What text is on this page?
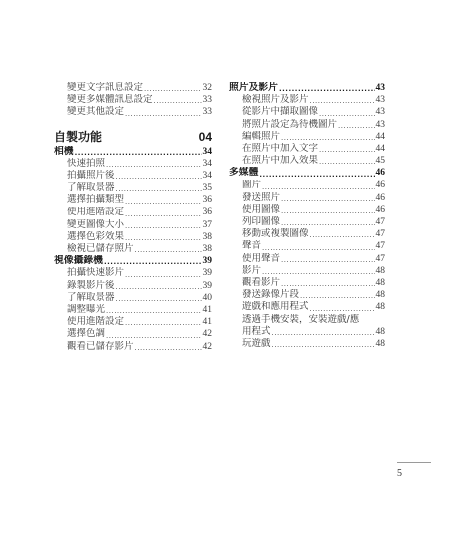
變更文字訊息設定 .....	32
變更多媒體訊息設定 .....	33
變更其他設定 .....	33
自製功能	04
相機 .....	34
快速拍照 .....	34
拍攝照片後 .....	34
了解取景器 .....	35
選擇拍攝類型 .....	36
使用進階設定 .....	36
變更圖像大小 .....	37
選擇色彩效果 .....	38
檢視已儲存照片 .....	38
視像攝錄機 .....	39
拍攝快速影片 .....	39
錄製影片後 .....	39
了解取景器 .....	40
調整曝光 .....	41
使用進階設定 .....	41
選擇色調 .....	42
觀看已儲存影片 .....	42
照片及影片 .....	43
檢視照片及影片 .....	43
從影片中擷取圖像 .....	43
將照片設定為待機圖片 .....	43
編輯照片 .....	44
在照片中加入文字 .....	44
在照片中加入效果 .....	45
多媒體 .....	46
圖片 .....	46
發送照片 .....	46
使用圖像 .....	46
列印圖像 .....	47
移動或複製圖像 .....	47
聲音 .....	47
使用聲音 .....	47
影片 .....	48
觀看影片 .....	48
發送錄像片段 .....	48
遊戲和應用程式 .....	48
透過手機安裝，安裝遊戲/應
用程式 .....	48
玩遊戲 .....	48
5
